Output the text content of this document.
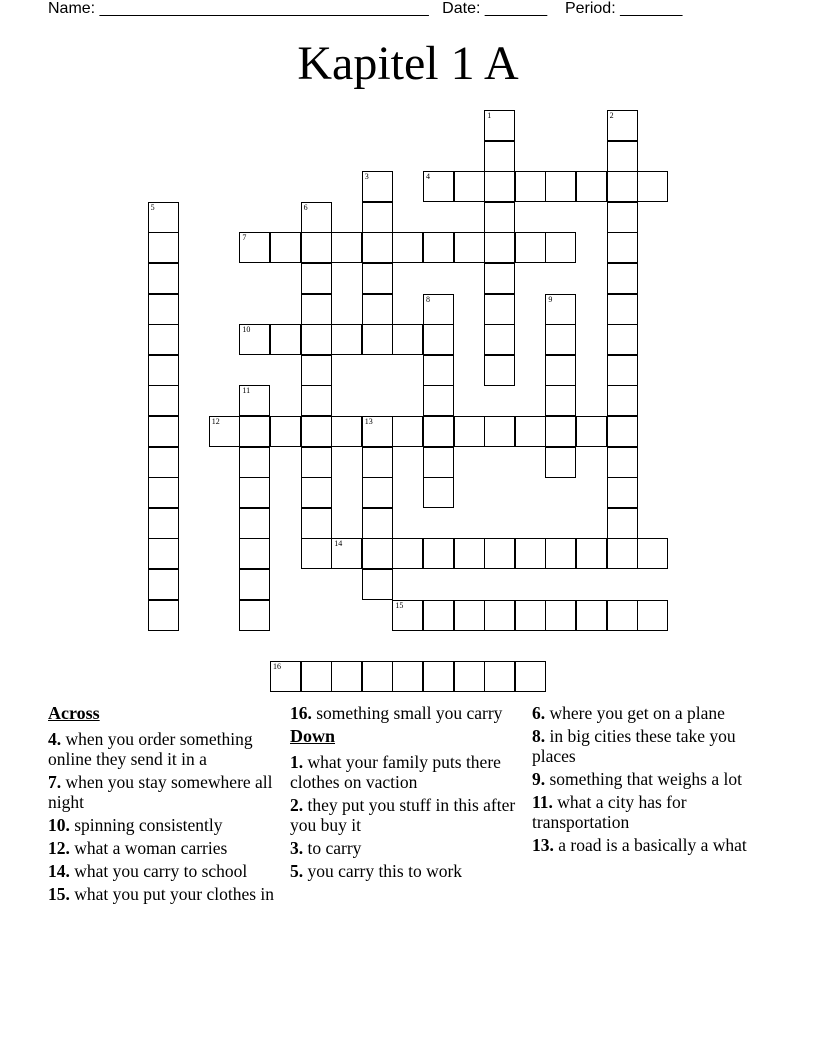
Name: _____________________________________ Date: _______ Period: _______
Kapitel 1 A
1	2
3	4
5	6
7
8	9
10
11
12	13
14
15
16
Across
4. when you order something online they send it in a
7. when you stay somewhere all night
10. spinning consistently
12. what a woman carries
14. what you carry to school
15. what you put your clothes in
16. something small you carry
Down
1. what your family puts there clothes on vaction
2. they put you stuff in this after you buy it
3. to carry
5. you carry this to work
6. where you get on a plane
8. in big cities these take you places
9. something that weighs a lot
11. what a city has for transportation
13. a road is a basically a what
